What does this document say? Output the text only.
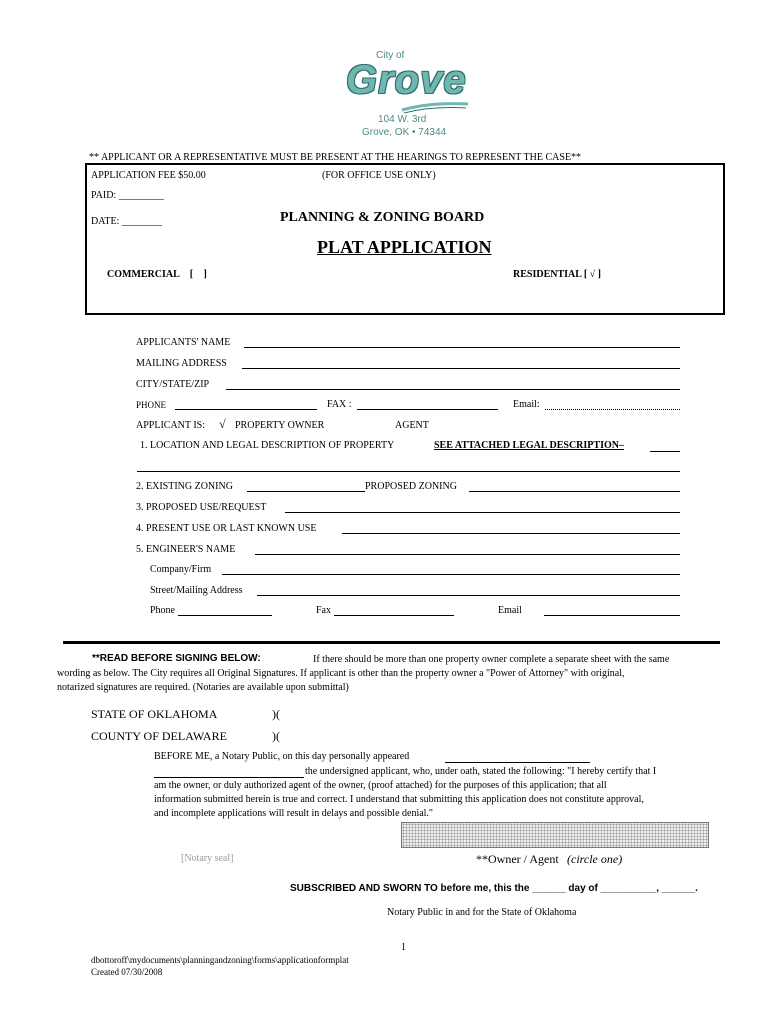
City of
Grove
104 W. 3rd
Grove, OK • 74344
** APPLICANT OR A REPRESENTATIVE MUST BE PRESENT AT THE HEARINGS TO REPRESENT THE CASE**
APPLICATION FEE $50.00	(FOR OFFICE USE ONLY)
PAID: _________
DATE: ________	PLANNING & ZONING BOARD
PLAT APPLICATION
COMMERCIAL [ ]	RESIDENTIAL [ √ ]
APPLICANTS' NAME
MAILING ADDRESS
CITY/STATE/ZIP
PHONE	FAX :	Email:
APPLICANT IS: √ PROPERTY OWNER	AGENT
1. LOCATION AND LEGAL DESCRIPTION OF PROPERTY	SEE ATTACHED LEGAL DESCRIPTION–
2. EXISTING ZONING	PROPOSED ZONING
3. PROPOSED USE/REQUEST
4. PRESENT USE OR LAST KNOWN USE
5. ENGINEER'S NAME
Company/Firm
Street/Mailing Address
Phone	Fax	Email
**READ BEFORE SIGNING BELOW:	If there should be more than one property owner complete a separate sheet with the same
wording as below. The City requires all Original Signatures. If applicant is other than the property owner a "Power of Attorney" with original,
notarized signatures are required. (Notaries are available upon submittal)
STATE OF OKLAHOMA	)(
COUNTY OF DELAWARE	)(
BEFORE ME, a Notary Public, on this day personally appeared
the undersigned applicant, who, under oath, stated the following: "I hereby certify that I
am the owner, or duly authorized agent of the owner, (proof attached) for the purposes of this application; that all
information submitted herein is true and correct. I understand that submitting this application does not constitute approval,
and incomplete applications will result in delays and possible denial."
[Notary seal]	**Owner / Agent (circle one)
SUBSCRIBED AND SWORN TO before me, this the ______ day of __________, ______.
Notary Public in and for the State of Oklahoma
1
dbottoroff\mydocuments\planningandzoning\forms\applicationformplat
Created 07/30/2008
